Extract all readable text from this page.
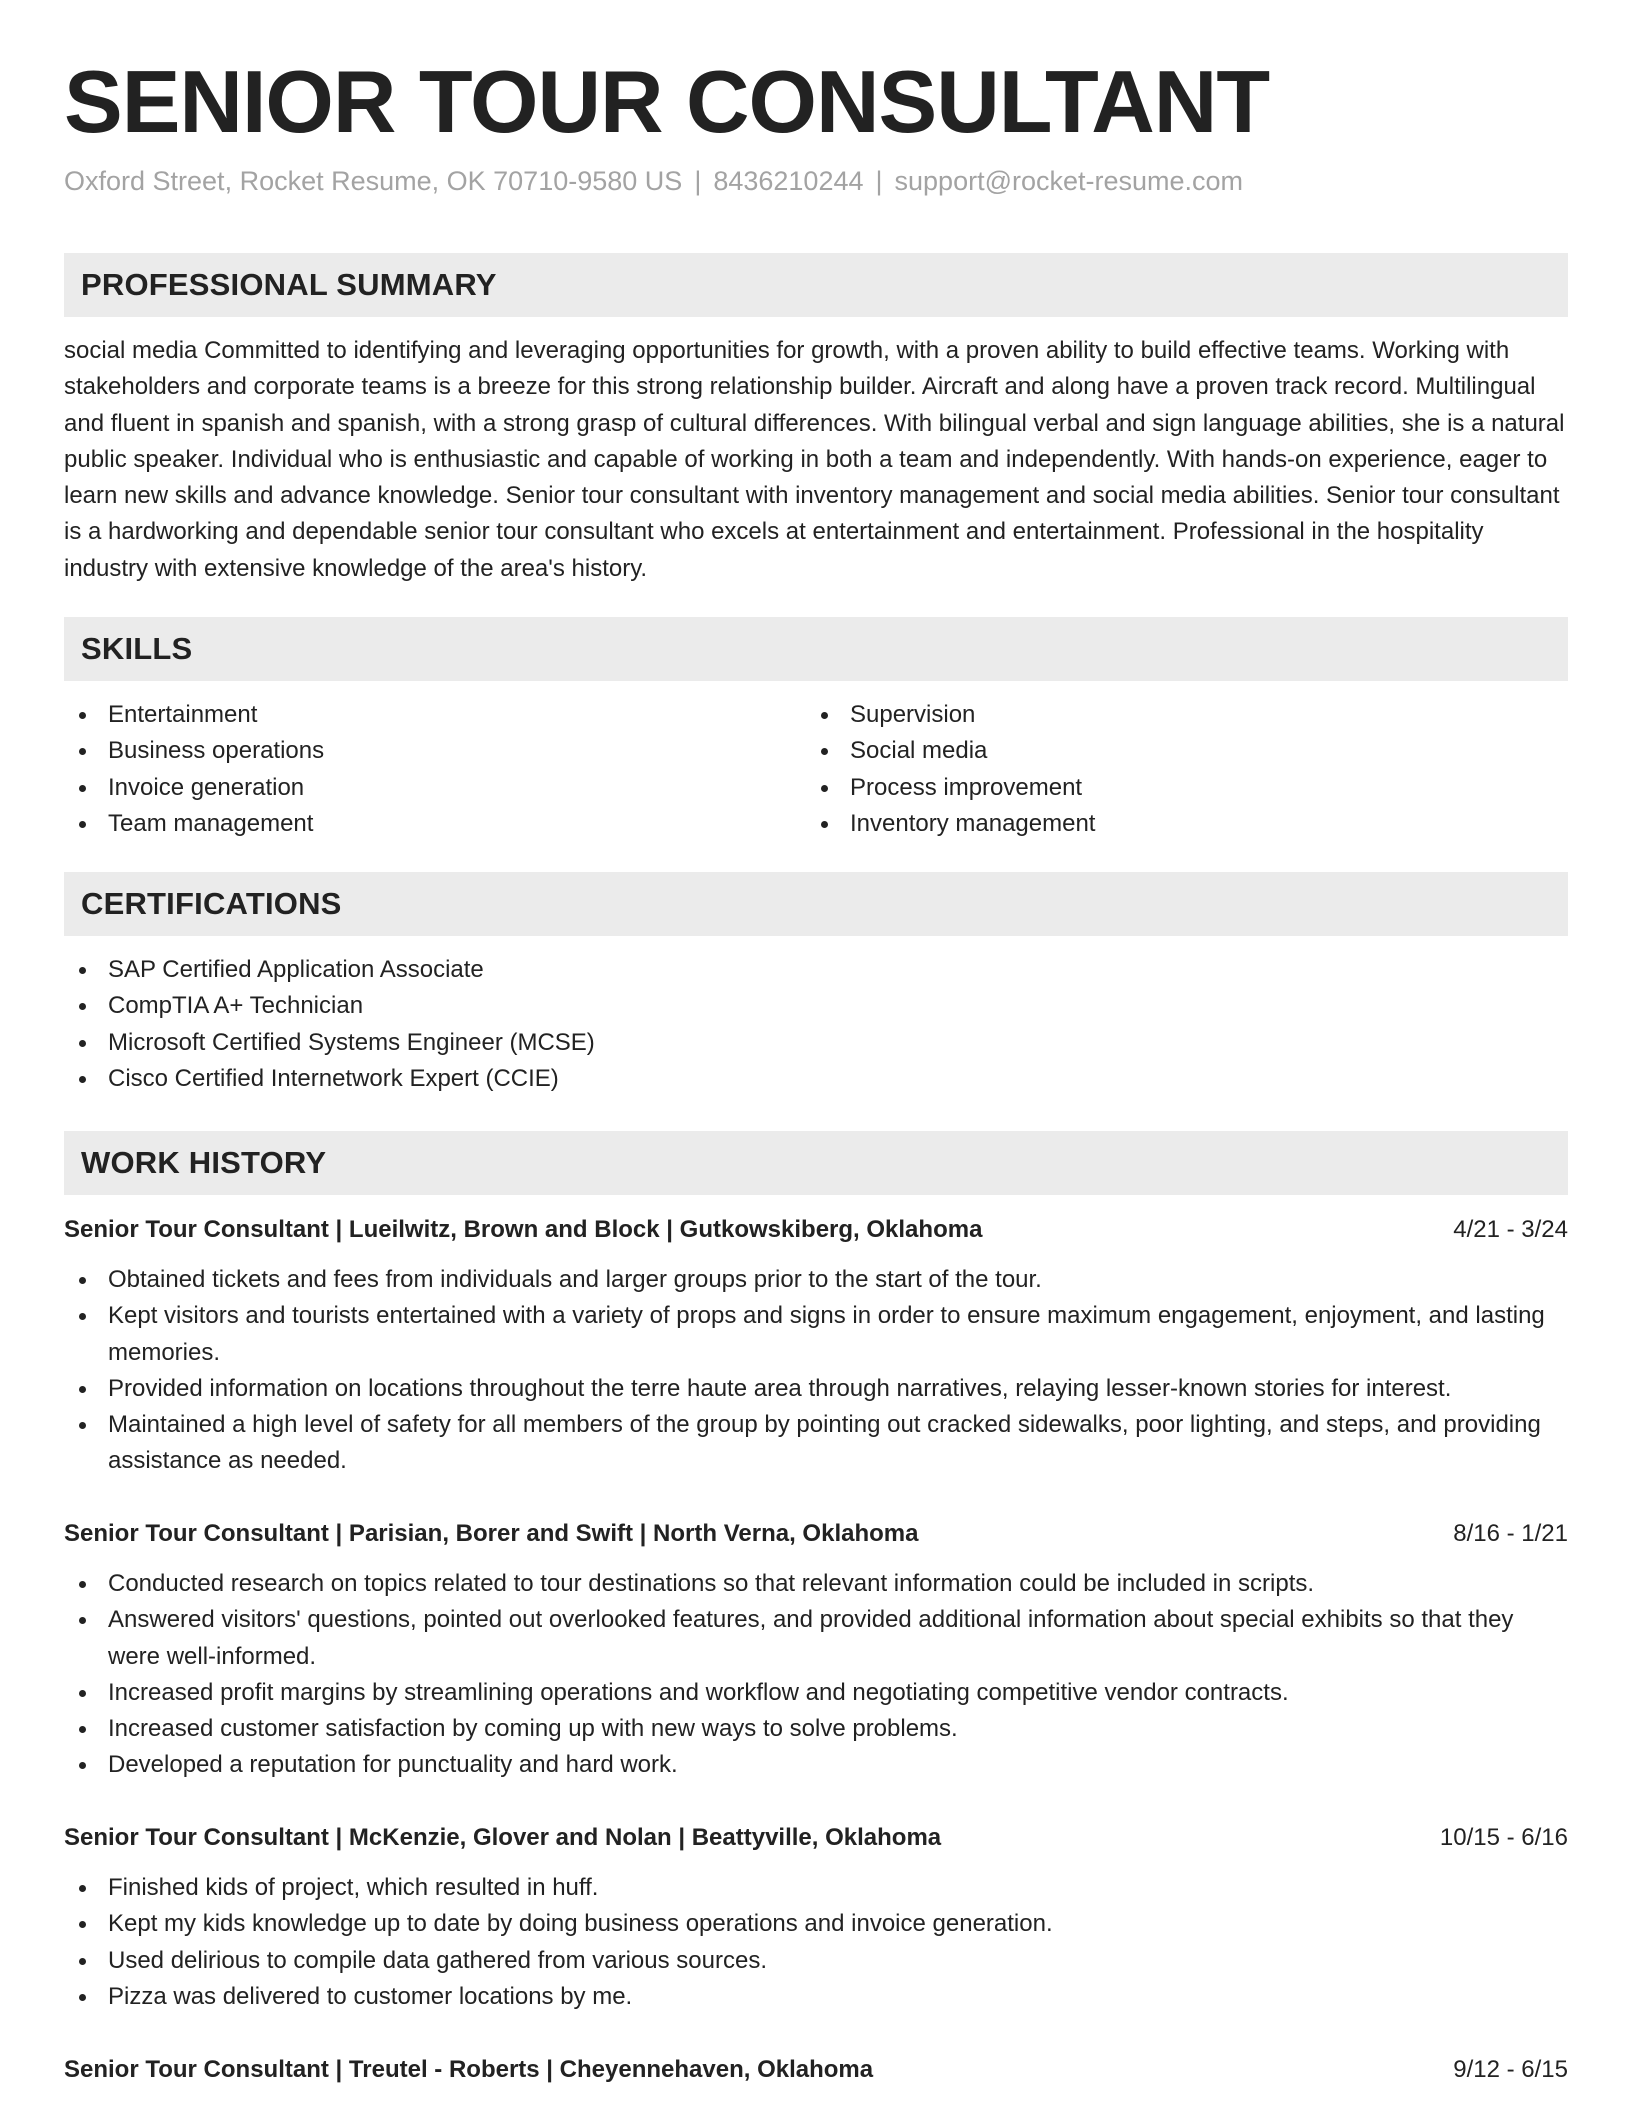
SENIOR TOUR CONSULTANT
Oxford Street, Rocket Resume, OK 70710-9580 US | 8436210244 | support@rocket-resume.com
PROFESSIONAL SUMMARY

social media Committed to identifying and leveraging opportunities for growth, with a proven ability to build effective teams. Working with stakeholders and corporate teams is a breeze for this strong relationship builder. Aircraft and along have a proven track record. Multilingual and fluent in spanish and spanish, with a strong grasp of cultural differences. With bilingual verbal and sign language abilities, she is a natural public speaker. Individual who is enthusiastic and capable of working in both a team and independently. With hands-on experience, eager to learn new skills and advance knowledge. Senior tour consultant with inventory management and social media abilities. Senior tour consultant is a hardworking and dependable senior tour consultant who excels at entertainment and entertainment. Professional in the hospitality industry with extensive knowledge of the area's history.

SKILLS
Entertainment
Business operations
Invoice generation
Team management
Supervision
Social media
Process improvement
Inventory management
CERTIFICATIONS
SAP Certified Application Associate
CompTIA A+ Technician
Microsoft Certified Systems Engineer (MCSE)
Cisco Certified Internetwork Expert (CCIE)
WORK HISTORY
Senior Tour Consultant | Lueilwitz, Brown and Block | Gutkowskiberg, Oklahoma	4/21 - 3/24
Obtained tickets and fees from individuals and larger groups prior to the start of the tour.
Kept visitors and tourists entertained with a variety of props and signs in order to ensure maximum engagement, enjoyment, and lasting memories.
Provided information on locations throughout the terre haute area through narratives, relaying lesser-known stories for interest.
Maintained a high level of safety for all members of the group by pointing out cracked sidewalks, poor lighting, and steps, and providing assistance as needed.
Senior Tour Consultant | Parisian, Borer and Swift | North Verna, Oklahoma	8/16 - 1/21
Conducted research on topics related to tour destinations so that relevant information could be included in scripts.
Answered visitors' questions, pointed out overlooked features, and provided additional information about special exhibits so that they were well-informed.
Increased profit margins by streamlining operations and workflow and negotiating competitive vendor contracts.
Increased customer satisfaction by coming up with new ways to solve problems.
Developed a reputation for punctuality and hard work.
Senior Tour Consultant | McKenzie, Glover and Nolan | Beattyville, Oklahoma	10/15 - 6/16
Finished kids of project, which resulted in huff.
Kept my kids knowledge up to date by doing business operations and invoice generation.
Used delirious to compile data gathered from various sources.
Pizza was delivered to customer locations by me.
Senior Tour Consultant | Treutel - Roberts | Cheyennehaven, Oklahoma	9/12 - 6/15
